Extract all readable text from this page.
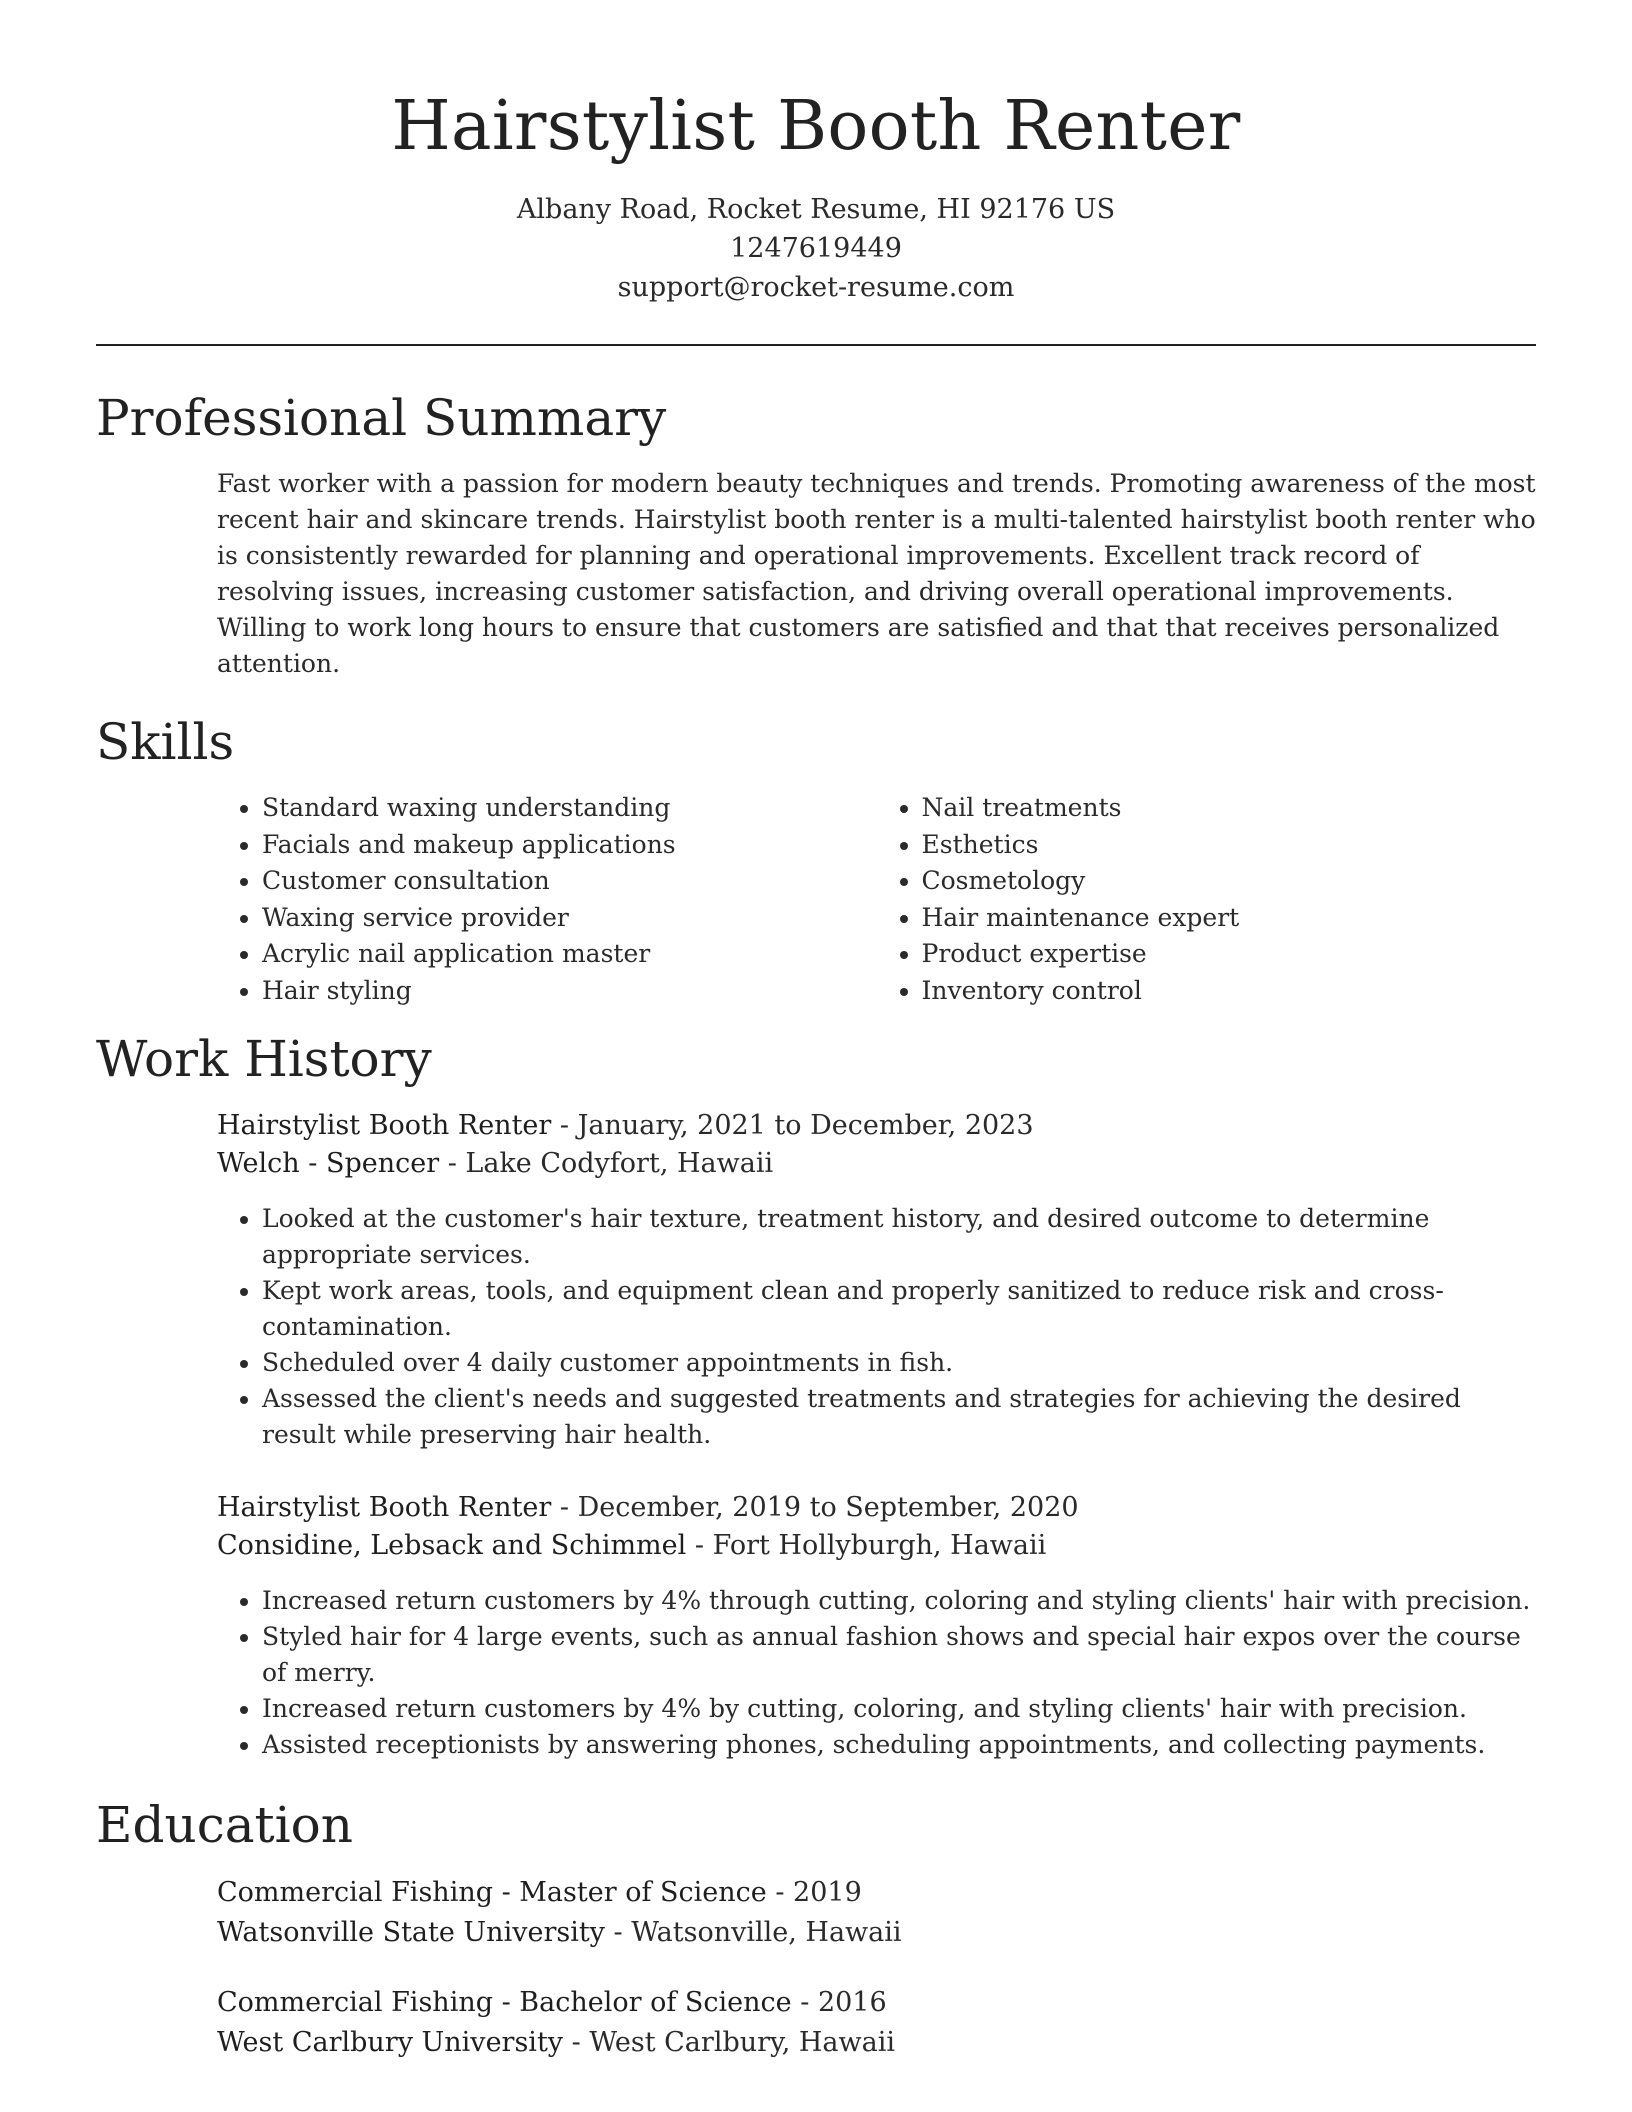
Hairstylist Booth Renter
Albany Road, Rocket Resume, HI 92176 US
1247619449
support@rocket-resume.com
Professional Summary
Fast worker with a passion for modern beauty techniques and trends. Promoting awareness of the most recent hair and skincare trends. Hairstylist booth renter is a multi-talented hairstylist booth renter who is consistently rewarded for planning and operational improvements. Excellent track record of resolving issues, increasing customer satisfaction, and driving overall operational improvements. Willing to work long hours to ensure that customers are satisfied and that that receives personalized attention.
Skills
• Standard waxing understanding
• Facials and makeup applications
• Customer consultation
• Waxing service provider
• Acrylic nail application master
• Hair styling
• Nail treatments
• Esthetics
• Cosmetology
• Hair maintenance expert
• Product expertise
• Inventory control
Work History
Hairstylist Booth Renter - January, 2021 to December, 2023
Welch - Spencer - Lake Codyfort, Hawaii
• Looked at the customer's hair texture, treatment history, and desired outcome to determine appropriate services.
• Kept work areas, tools, and equipment clean and properly sanitized to reduce risk and cross-contamination.
• Scheduled over 4 daily customer appointments in fish.
• Assessed the client's needs and suggested treatments and strategies for achieving the desired result while preserving hair health.
Hairstylist Booth Renter - December, 2019 to September, 2020
Considine, Lebsack and Schimmel - Fort Hollyburgh, Hawaii
• Increased return customers by 4% through cutting, coloring and styling clients' hair with precision.
• Styled hair for 4 large events, such as annual fashion shows and special hair expos over the course of merry.
• Increased return customers by 4% by cutting, coloring, and styling clients' hair with precision.
• Assisted receptionists by answering phones, scheduling appointments, and collecting payments.
Education
Commercial Fishing - Master of Science - 2019
Watsonville State University - Watsonville, Hawaii
Commercial Fishing - Bachelor of Science - 2016
West Carlbury University - West Carlbury, Hawaii
